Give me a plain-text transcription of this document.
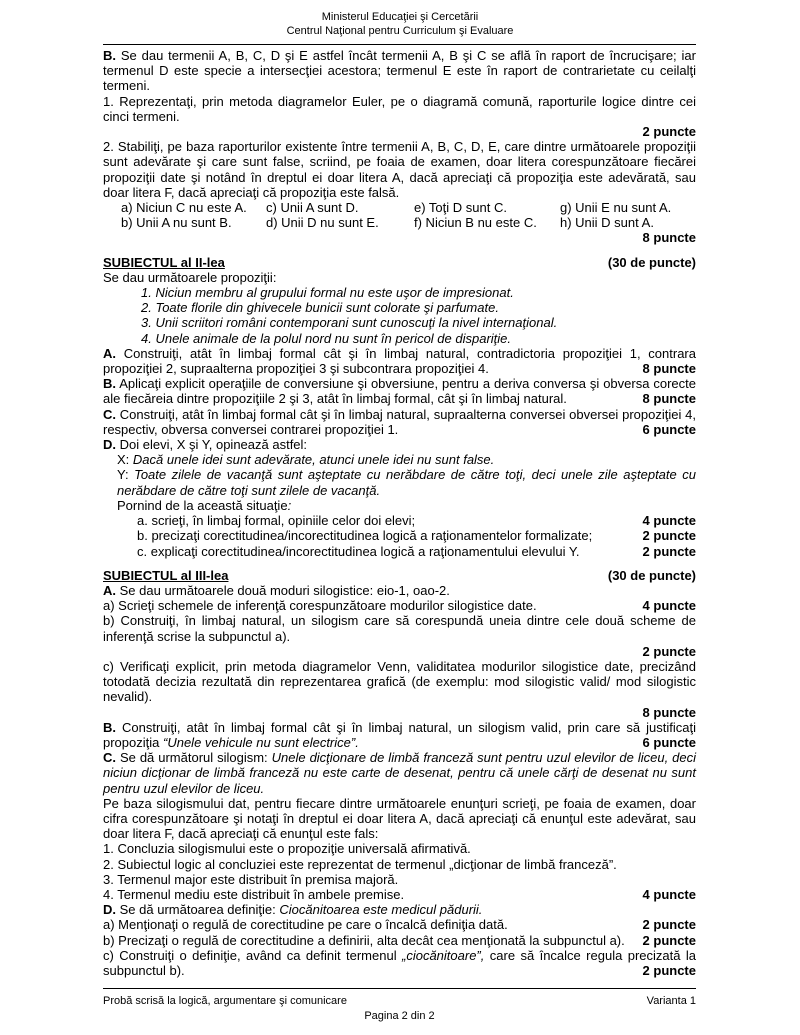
Ministerul Educaţiei şi Cercetării
Centrul Naţional pentru Curriculum şi Evaluare
B. Se dau termenii A, B, C, D şi E astfel încât termenii A, B şi C se află în raport de încrucişare; iar termenul D este specie a intersecţiei acestora; termenul E este în raport de contrarietate cu ceilalţi termeni.
1. Reprezentaţi, prin metoda diagramelor Euler, pe o diagramă comună, raporturile logice dintre cei cinci termeni.
2 puncte
2. Stabiliţi, pe baza raporturilor existente între termenii A, B, C, D, E, care dintre următoarele propoziţii sunt adevărate şi care sunt false, scriind, pe foaia de examen, doar litera corespunzătoare fiecărei propoziţii date şi notând în dreptul ei doar litera A, dacă apreciaţi că propoziţia este adevărată, sau doar litera F, dacă apreciaţi că propoziţia este falsă.
a) Niciun C nu este A.	c) Unii A sunt D.	e) Toţi D sunt C.	g) Unii E nu sunt A.
b) Unii A nu sunt B.	d) Unii D nu sunt E.	f) Niciun B nu este C.	h) Unii D sunt A.
8 puncte
SUBIECTUL al II-lea	(30 de puncte)
Se dau următoarele propoziţii:
1. Niciun membru al grupului formal nu este uşor de impresionat.
2. Toate florile din ghivecele bunicii sunt colorate şi parfumate.
3. Unii scriitori români contemporani sunt cunoscuţi la nivel internaţional.
4. Unele animale de la polul nord nu sunt în pericol de dispariţie.
A. Construiţi, atât în limbaj formal cât şi în limbaj natural, contradictoria propoziţiei 1, contrara propoziţiei 2, supraalterna propoziţiei 3 şi subcontrara propoziţiei 4.	8 puncte
B. Aplicaţi explicit operaţiile de conversiune şi obversiune, pentru a deriva conversa şi obversa corecte ale fiecăreia dintre propoziţiile 2 şi 3, atât în limbaj formal, cât şi în limbaj natural.	8 puncte
C. Construiţi, atât în limbaj formal cât şi în limbaj natural, supraalterna conversei obversei propoziţiei 4, respectiv, obversa conversei contrarei propoziţiei 1.	6 puncte
D. Doi elevi, X şi Y, opinează astfel:
X: Dacă unele idei sunt adevărate, atunci unele idei nu sunt false.
Y: Toate zilele de vacanţă sunt aşteptate cu nerăbdare de către toţi, deci unele zile aşteptate cu nerăbdare de către toţi sunt zilele de vacanţă.
Pornind de la această situaţie:
a. scrieţi, în limbaj formal, opiniile celor doi elevi;	4 puncte
b. precizaţi corectitudinea/incorectitudinea logică a raţionamentelor formalizate;	2 puncte
c. explicaţi corectitudinea/incorectitudinea logică a raţionamentului elevului Y.	2 puncte
SUBIECTUL al III-lea	(30 de puncte)
A. Se dau următoarele două moduri silogistice: eio-1, oao-2.
a) Scrieţi schemele de inferenţă corespunzătoare modurilor silogistice date.	4 puncte
b) Construiţi, în limbaj natural, un silogism care să corespundă uneia dintre cele două scheme de inferenţă scrise la subpunctul a).
2 puncte
c) Verificaţi explicit, prin metoda diagramelor Venn, validitatea modurilor silogistice date, precizând totodată decizia rezultată din reprezentarea grafică (de exemplu: mod silogistic valid/ mod silogistic nevalid).
8 puncte
B. Construiţi, atât în limbaj formal cât şi în limbaj natural, un silogism valid, prin care să justificaţi propoziţia “Unele vehicule nu sunt electrice”.	6 puncte
C. Se dă următorul silogism: Unele dicţionare de limbă franceză sunt pentru uzul elevilor de liceu, deci niciun dicţionar de limbă franceză nu este carte de desenat, pentru că unele cărţi de desenat nu sunt pentru uzul elevilor de liceu.
Pe baza silogismului dat, pentru fiecare dintre următoarele enunţuri scrieţi, pe foaia de examen, doar cifra corespunzătoare şi notaţi în dreptul ei doar litera A, dacă apreciaţi că enunţul este adevărat, sau doar litera F, dacă apreciaţi că enunţul este fals:
1. Concluzia silogismului este o propoziţie universală afirmativă.
2. Subiectul logic al concluziei este reprezentat de termenul „dicţionar de limbă franceză”.
3. Termenul major este distribuit în premisa majoră.
4. Termenul mediu este distribuit în ambele premise.	4 puncte
D. Se dă următoarea definiţie: Ciocănitoarea este medicul pădurii.
a) Menţionaţi o regulă de corectitudine pe care o încalcă definiţia dată.	2 puncte
b) Precizaţi o regulă de corectitudine a definirii, alta decât cea menţionată la subpunctul a). 2 puncte
c) Construiţi o definiţie, având ca definit termenul „ciocănitoare”, care să încalce regula precizată la subpunctul b).	2 puncte
Probă scrisă la logică, argumentare şi comunicare	Varianta 1
Pagina 2 din 2
